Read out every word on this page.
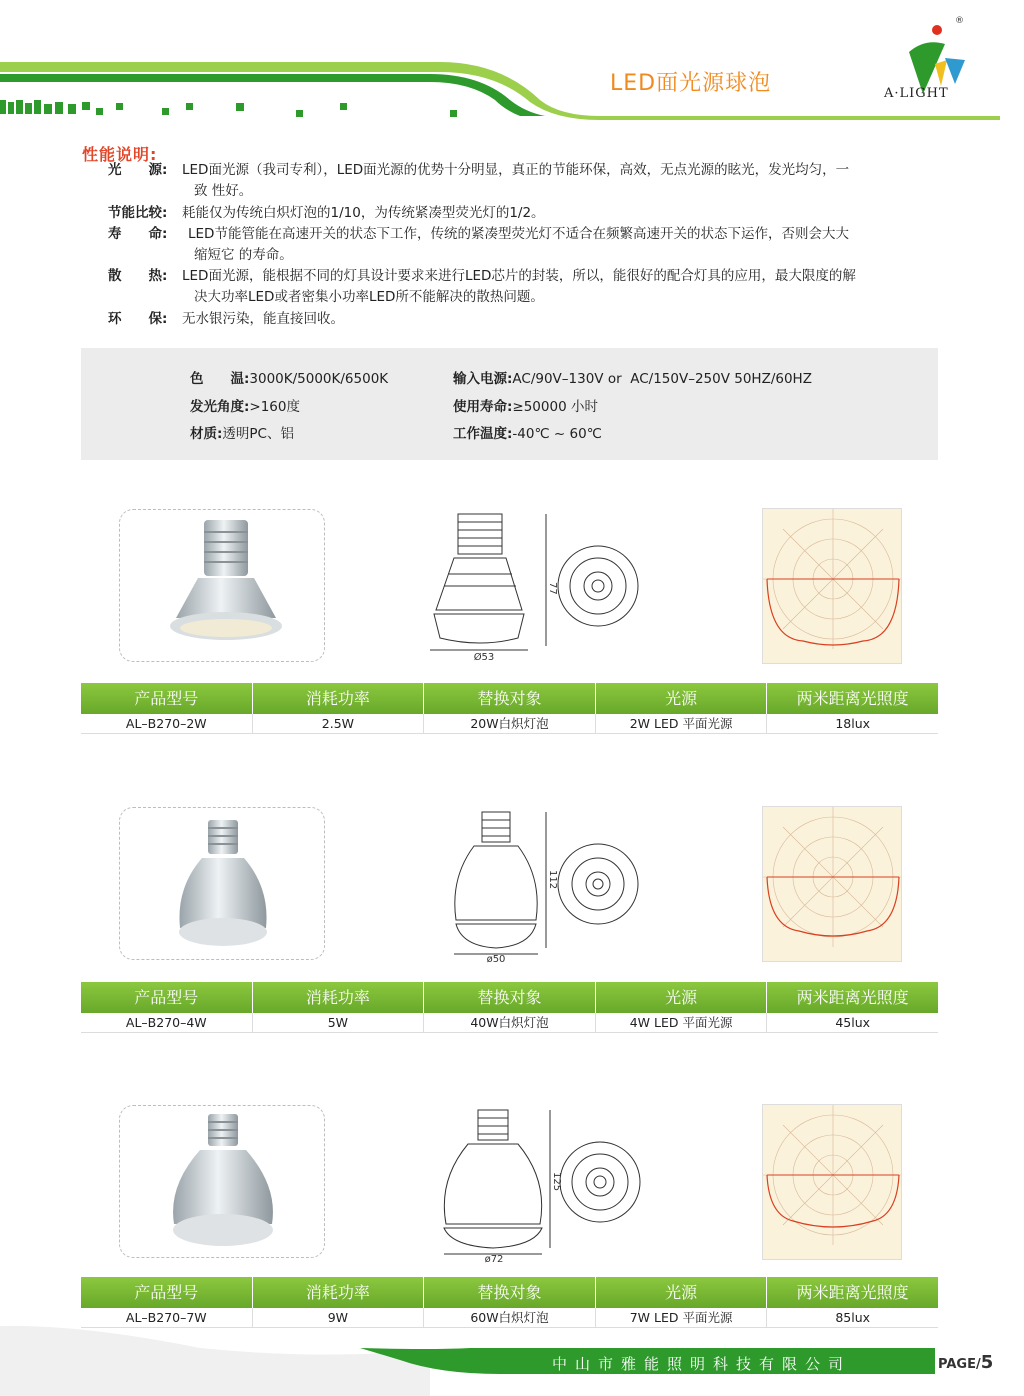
LED面光源球泡
®
A·LIGHT
性能说明:
光　　源: LED面光源（我司专利），LED面光源的优势十分明显，真正的节能环保，高效，无点光源的眩光，发光均匀，一
致 性好。
节能比较: 耗能仅为传统白炽灯泡的1/10，为传统紧凑型荧光灯的1/2。
寿　　命:	LED节能管能在高速开关的状态下工作，传统的紧凑型荧光灯不适合在频繁高速开关的状态下运作，否则会大大
缩短它 的寿命。
散　　热: LED面光源，能根据不同的灯具设计要求来进行LED芯片的封装，所以，能很好的配合灯具的应用，最大限度的解
决大功率LED或者密集小功率LED所不能解决的散热问题。
环　　保: 无水银污染，能直接回收。
色　　温:3000K/5000K/6500K	输入电源:AC/90V–130V or  AC/150V–250V 50HZ/60HZ
发光角度:>160度	使用寿命:≥50000 小时
材质:透明PC、铝	工作温度:-40℃ ~ 60℃
Ø53
77
产品型号	消耗功率	替换对象	光源	两米距离光照度
AL–B270–2W	2.5W	20W白炽灯泡	2W LED 平面光源	18lux
ø50
112
产品型号	消耗功率	替换对象	光源	两米距离光照度
AL–B270–4W	5W	40W白炽灯泡	4W LED 平面光源	45lux
ø72
125
产品型号	消耗功率	替换对象	光源	两米距离光照度
AL–B270–7W	9W	60W白炽灯泡	7W LED 平面光源	85lux
中山市雅能照明科技有限公司	PAGE/5
